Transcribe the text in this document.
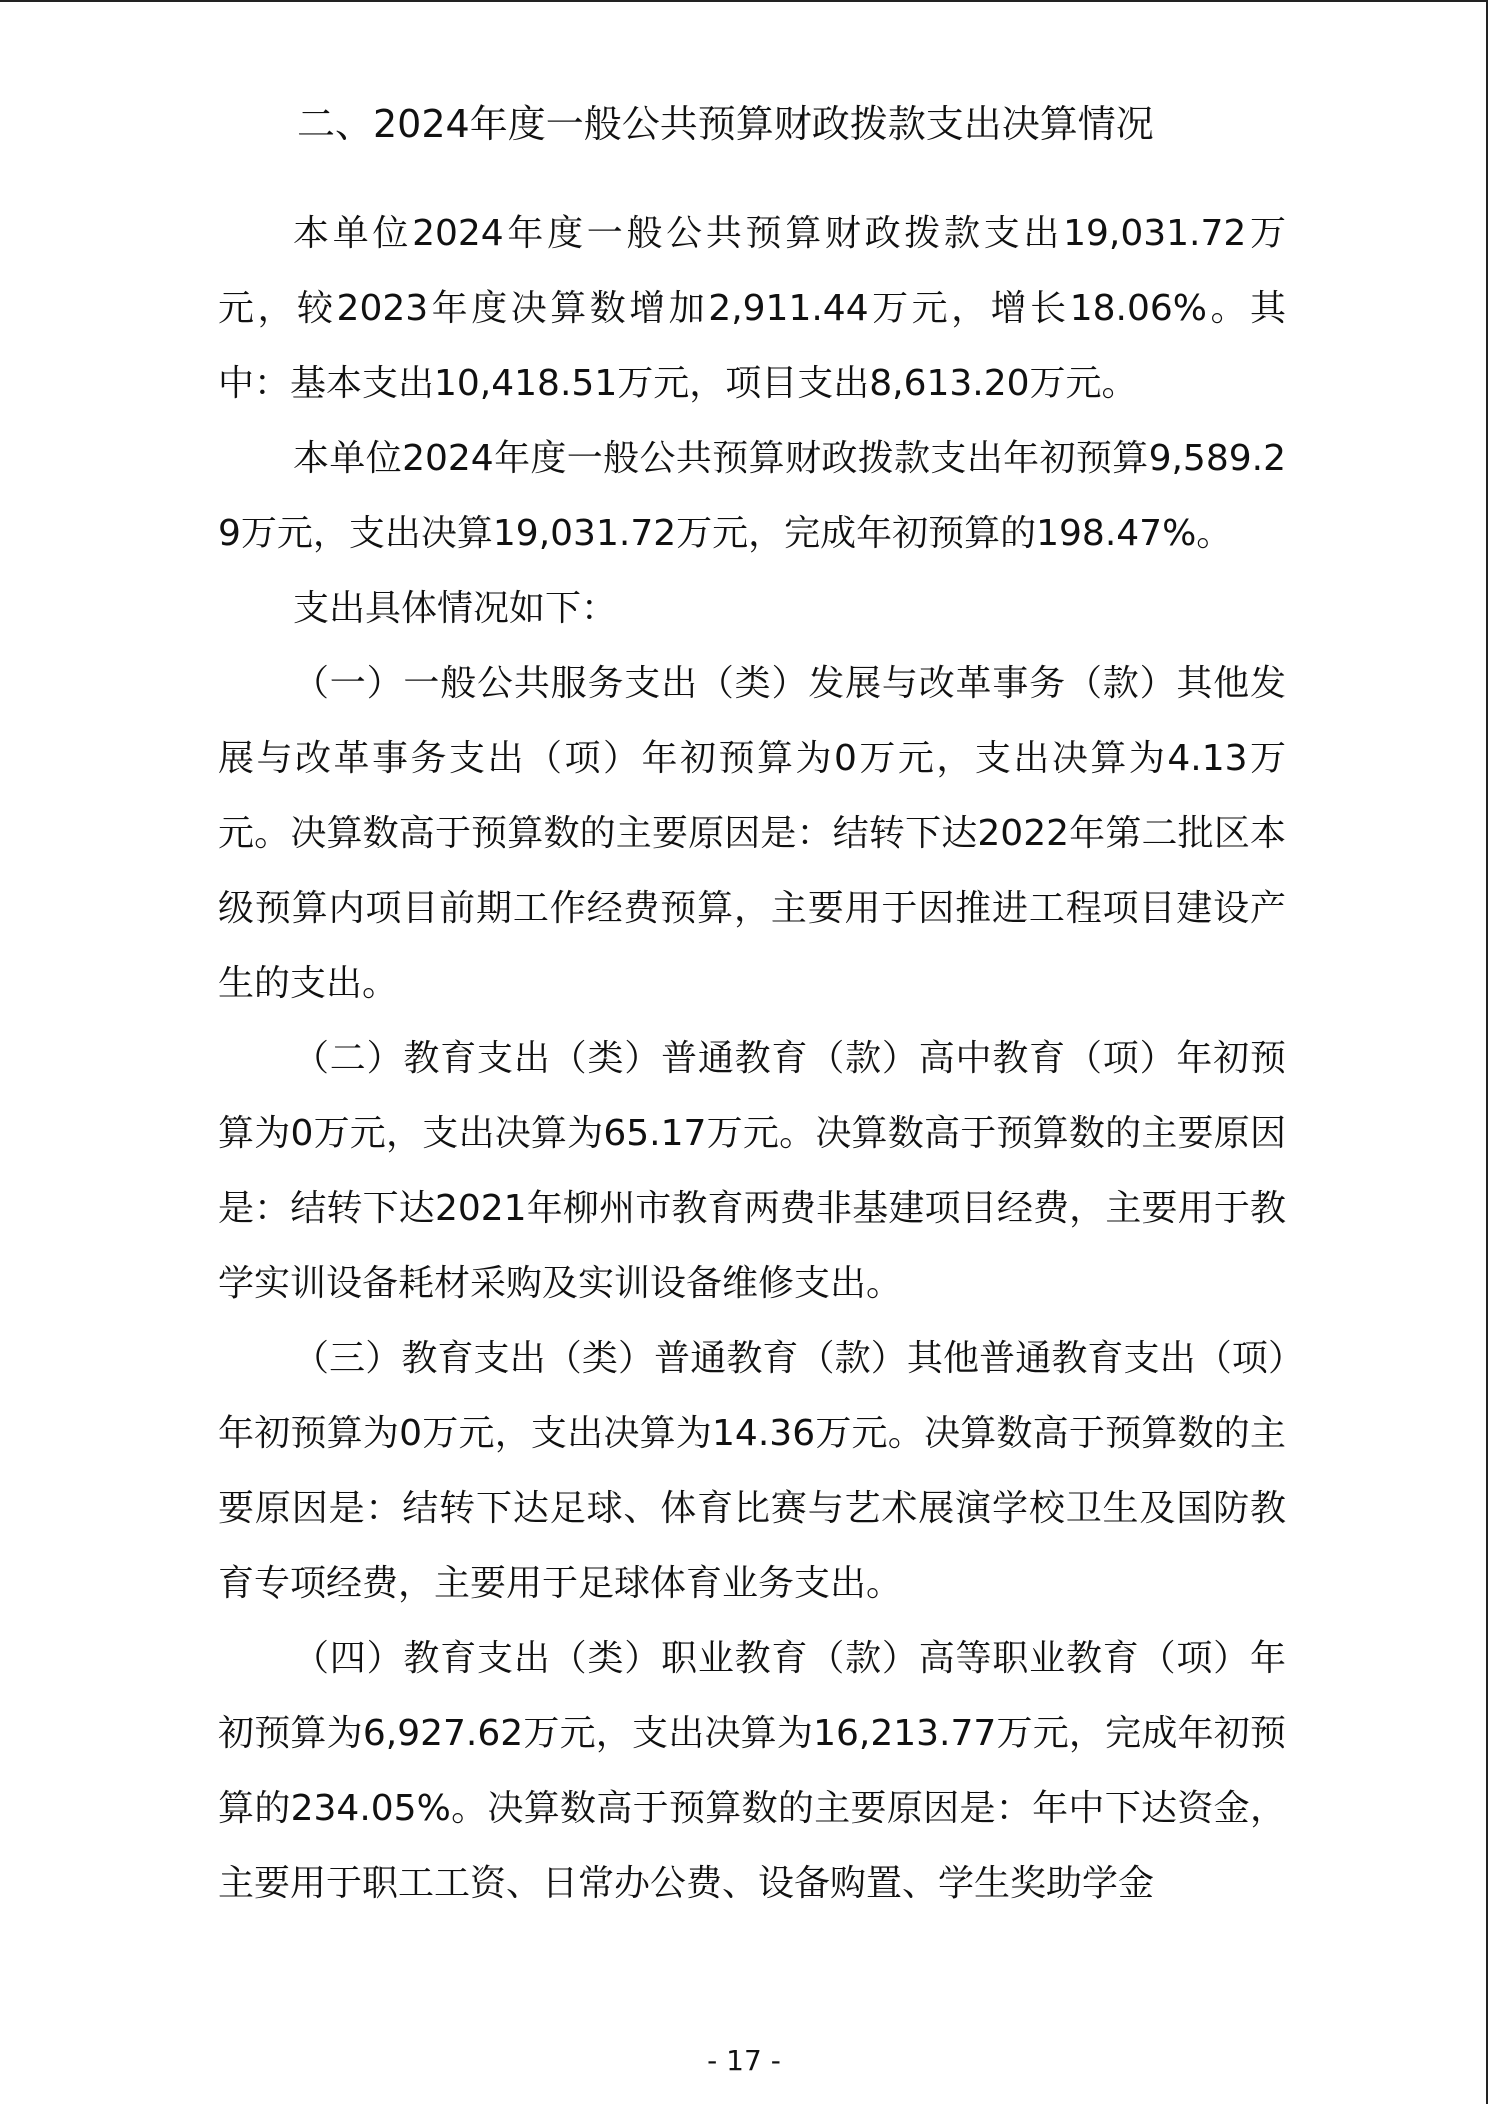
二、2024年度一般公共预算财政拨款支出决算情况

本单位2024年度一般公共预算财政拨款支出19,031.72万元，较2023年度决算数增加2,911.44万元，增长18.06%。其中：基本支出10,418.51万元，项目支出8,613.20万元。

本单位2024年度一般公共预算财政拨款支出年初预算9,589.29万元，支出决算19,031.72万元，完成年初预算的198.47%。

支出具体情况如下：

（一）一般公共服务支出（类）发展与改革事务（款）其他发展与改革事务支出（项）年初预算为0万元，支出决算为4.13万元。决算数高于预算数的主要原因是：结转下达2022年第二批区本级预算内项目前期工作经费预算，主要用于因推进工程项目建设产生的支出。

（二）教育支出（类）普通教育（款）高中教育（项）年初预算为0万元，支出决算为65.17万元。决算数高于预算数的主要原因是：结转下达2021年柳州市教育两费非基建项目经费，主要用于教学实训设备耗材采购及实训设备维修支出。

（三）教育支出（类）普通教育（款）其他普通教育支出（项）年初预算为0万元，支出决算为14.36万元。决算数高于预算数的主要原因是：结转下达足球、体育比赛与艺术展演学校卫生及国防教育专项经费，主要用于足球体育业务支出。

（四）教育支出（类）职业教育（款）高等职业教育（项）年初预算为6,927.62万元，支出决算为16,213.77万元，完成年初预算的234.05%。决算数高于预算数的主要原因是：年中下达资金，主要用于职工工资、日常办公费、设备购置、学生奖助学金

- 17 -
